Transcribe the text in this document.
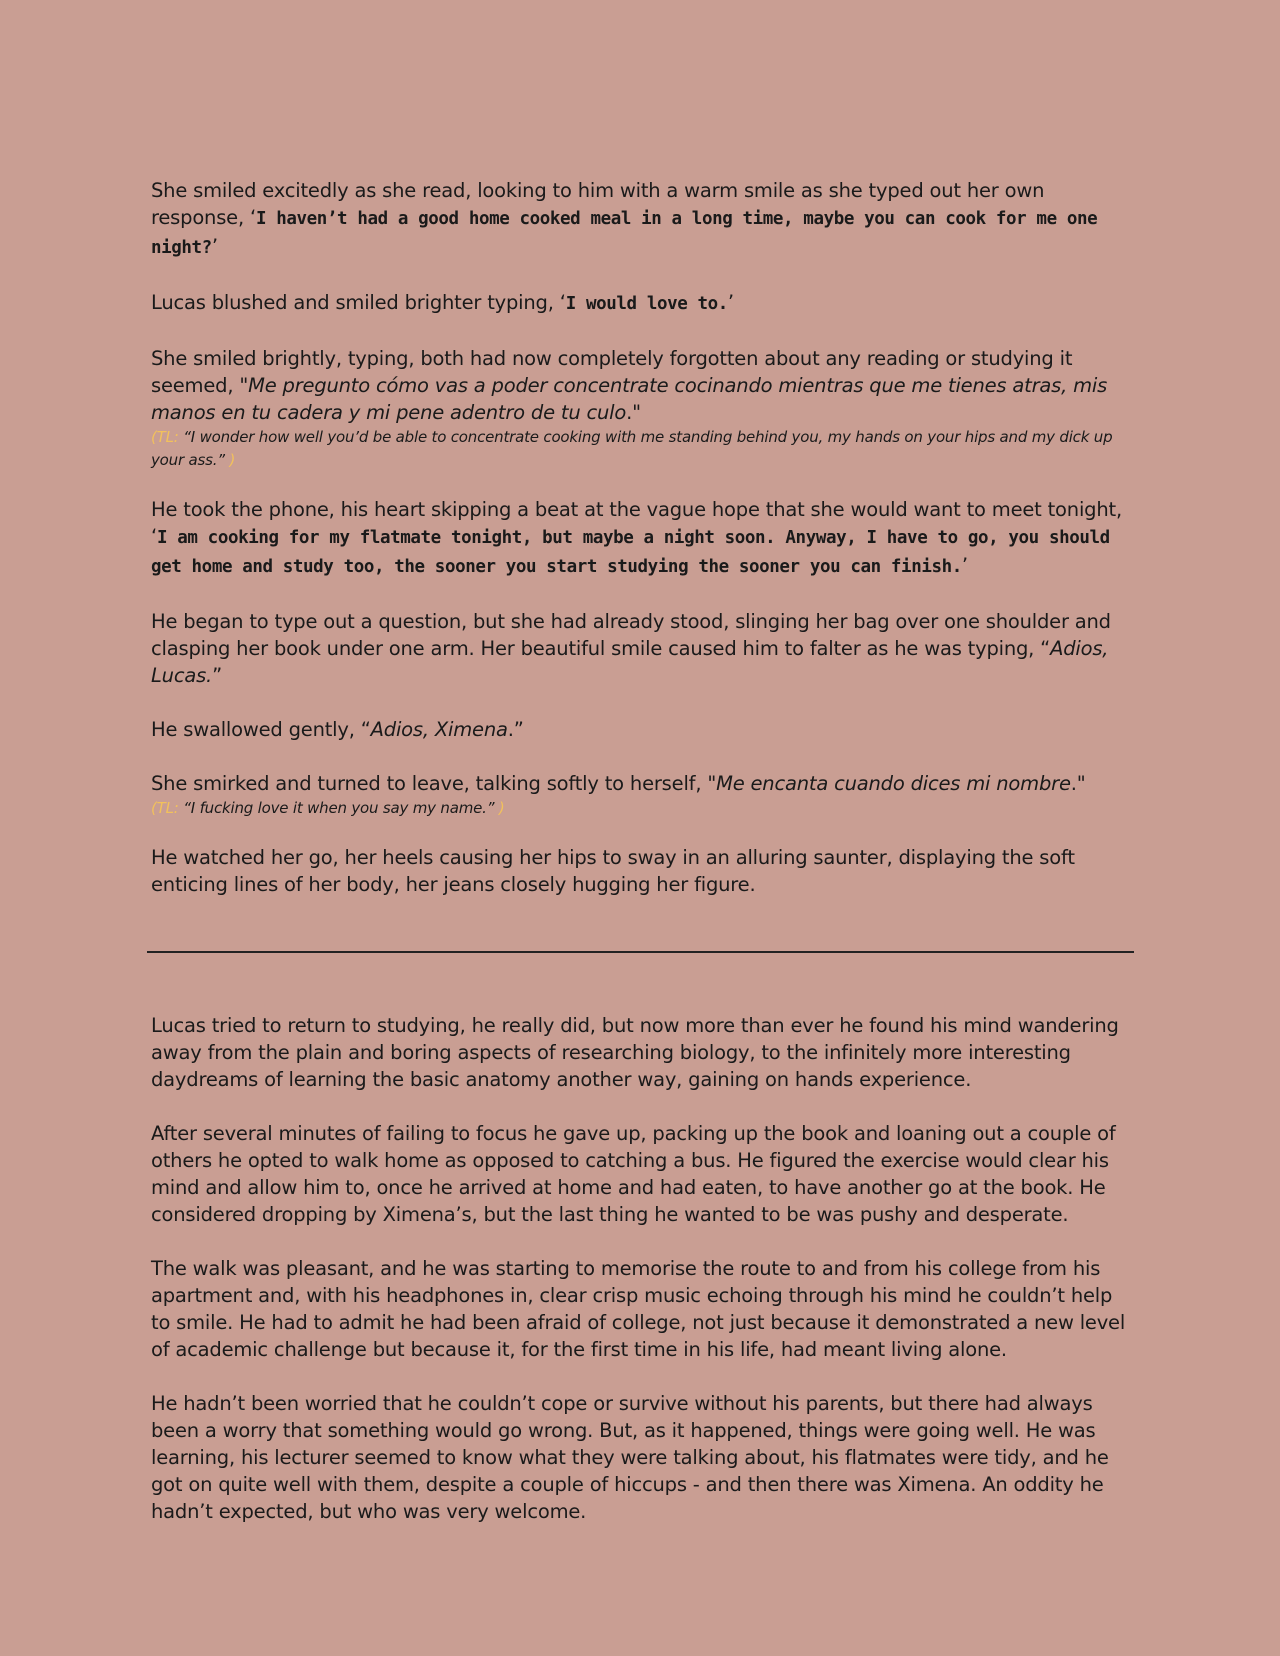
She smiled excitedly as she read, looking to him with a warm smile as she typed out her own response, ‘I haven’t had a good home cooked meal in a long time, maybe you can cook for me one night?’

Lucas blushed and smiled brighter typing, ‘I would love to.’

She smiled brightly, typing, both had now completely forgotten about any reading or studying it seemed, "Me pregunto cómo vas a poder concentrate cocinando mientras que me tienes atras, mis manos en tu cadera y mi pene adentro de tu culo."

(TL: “I wonder how well you’d be able to concentrate cooking with me standing behind you, my hands on your hips and my dick up your ass.” )

He took the phone, his heart skipping a beat at the vague hope that she would want to meet tonight, ‘I am cooking for my flatmate tonight, but maybe a night soon. Anyway, I have to go, you should get home and study too, the sooner you start studying the sooner you can finish.’

He began to type out a question, but she had already stood, slinging her bag over one shoulder and clasping her book under one arm. Her beautiful smile caused him to falter as he was typing, “Adios, Lucas.”

He swallowed gently, “Adios, Ximena.”

She smirked and turned to leave, talking softly to herself, "Me encanta cuando dices mi nombre."

(TL: “I fucking love it when you say my name.” )

He watched her go, her heels causing her hips to sway in an alluring saunter, displaying the soft enticing lines of her body, her jeans closely hugging her figure.

Lucas tried to return to studying, he really did, but now more than ever he found his mind wandering away from the plain and boring aspects of researching biology, to the infinitely more interesting daydreams of learning the basic anatomy another way, gaining on hands experience.

After several minutes of failing to focus he gave up, packing up the book and loaning out a couple of others he opted to walk home as opposed to catching a bus. He figured the exercise would clear his mind and allow him to, once he arrived at home and had eaten, to have another go at the book. He considered dropping by Ximena’s, but the last thing he wanted to be was pushy and desperate.

The walk was pleasant, and he was starting to memorise the route to and from his college from his apartment and, with his headphones in, clear crisp music echoing through his mind he couldn’t help to smile. He had to admit he had been afraid of college, not just because it demonstrated a new level of academic challenge but because it, for the first time in his life, had meant living alone.

He hadn’t been worried that he couldn’t cope or survive without his parents, but there had always been a worry that something would go wrong. But, as it happened, things were going well. He was learning, his lecturer seemed to know what they were talking about, his flatmates were tidy, and he got on quite well with them, despite a couple of hiccups - and then there was Ximena. An oddity he hadn’t expected, but who was very welcome.
